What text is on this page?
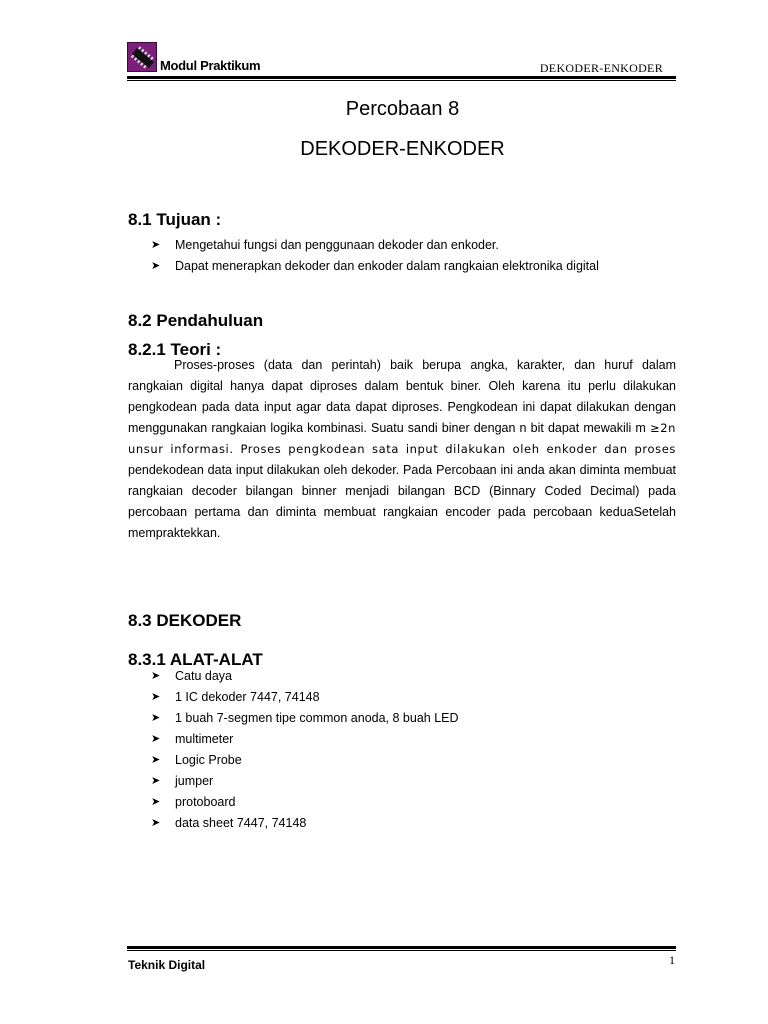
Modul Praktikum	DEKODER-ENKODER
Percobaan 8
DEKODER-ENKODER
8.1 Tujuan :
➤ Mengetahui fungsi dan penggunaan dekoder dan enkoder.
➤ Dapat menerapkan dekoder dan enkoder dalam rangkaian elektronika digital
8.2 Pendahuluan
8.2.1 Teori :
Proses-proses (data dan perintah) baik berupa angka, karakter, dan huruf dalam rangkaian digital hanya dapat diproses dalam bentuk biner. Oleh karena itu perlu dilakukan pengkodean pada data input agar data dapat diproses. Pengkodean ini dapat dilakukan dengan menggunakan rangkaian logika kombinasi. Suatu sandi biner dengan n bit dapat mewakili m ≥2n unsur informasi. Proses pengkodean sata input dilakukan oleh enkoder dan proses pendekodean data input dilakukan oleh dekoder. Pada Percobaan ini anda akan diminta membuat rangkaian decoder bilangan binner menjadi bilangan BCD (Binnary Coded Decimal) pada percobaan pertama dan diminta membuat rangkaian encoder pada percobaan keduaSetelah mempraktekkan.
8.3 DEKODER
8.3.1 ALAT-ALAT
➤ Catu daya
➤ 1 IC dekoder 7447, 74148
➤ 1 buah 7-segmen tipe common anoda, 8 buah LED
➤ multimeter
➤ Logic Probe
➤ jumper
➤ protoboard
➤ data sheet 7447, 74148
Teknik Digital	1
